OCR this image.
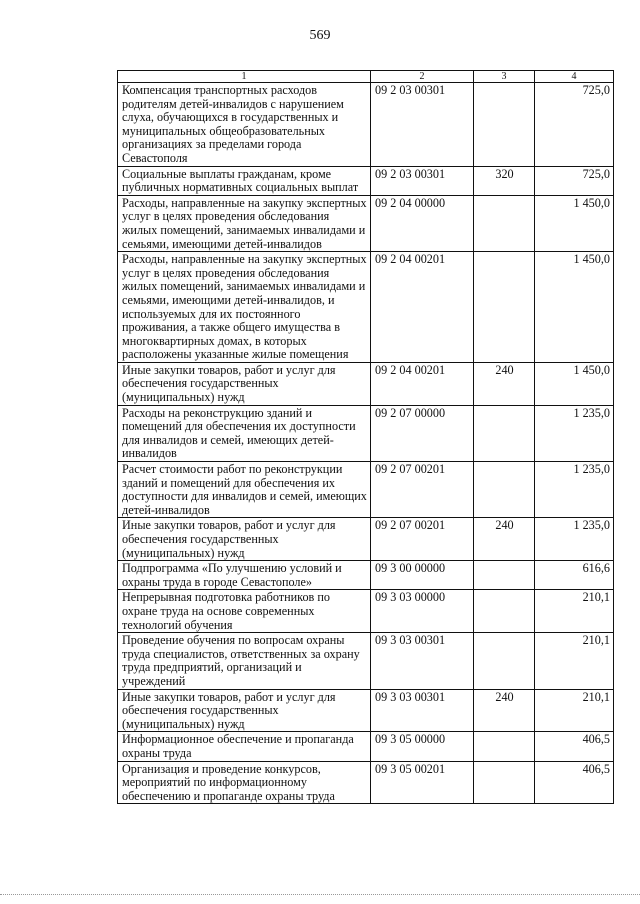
569
1	2	3	4
Компенсация транспортных расходов родителям детей-инвалидов с нарушением слуха, обучающихся в государственных и муниципальных общеобразовательных организациях за пределами города Севастополя	09 2 03 00301		725,0
Социальные выплаты гражданам, кроме публичных нормативных социальных выплат	09 2 03 00301	320	725,0
Расходы, направленные на закупку экспертных услуг в целях проведения обследования жилых помещений, занимаемых инвалидами и семьями, имеющими детей-инвалидов	09 2 04 00000		1 450,0
Расходы, направленные на закупку экспертных услуг в целях проведения обследования жилых помещений, занимаемых инвалидами и семьями, имеющими детей-инвалидов, и используемых для их постоянного проживания, а также общего имущества в многоквартирных домах, в которых расположены указанные жилые помещения	09 2 04 00201		1 450,0
Иные закупки товаров, работ и услуг для обеспечения государственных (муниципальных) нужд	09 2 04 00201	240	1 450,0
Расходы на реконструкцию зданий и помещений для обеспечения их доступности для инвалидов и семей, имеющих детей-инвалидов	09 2 07 00000		1 235,0
Расчет стоимости работ по реконструкции зданий и помещений для обеспечения их доступности для инвалидов и семей, имеющих детей-инвалидов	09 2 07 00201		1 235,0
Иные закупки товаров, работ и услуг для обеспечения государственных (муниципальных) нужд	09 2 07 00201	240	1 235,0
Подпрограмма «По улучшению условий и охраны труда в городе Севастополе»	09 3 00 00000		616,6
Непрерывная подготовка работников по охране труда на основе современных технологий обучения	09 3 03 00000		210,1
Проведение обучения по вопросам охраны труда специалистов, ответственных за охрану труда предприятий, организаций и учреждений	09 3 03 00301		210,1
Иные закупки товаров, работ и услуг для обеспечения государственных (муниципальных) нужд	09 3 03 00301	240	210,1
Информационное обеспечение и пропаганда охраны труда	09 3 05 00000		406,5
Организация и проведение конкурсов, мероприятий по информационному обеспечению и пропаганде охраны труда	09 3 05 00201		406,5
